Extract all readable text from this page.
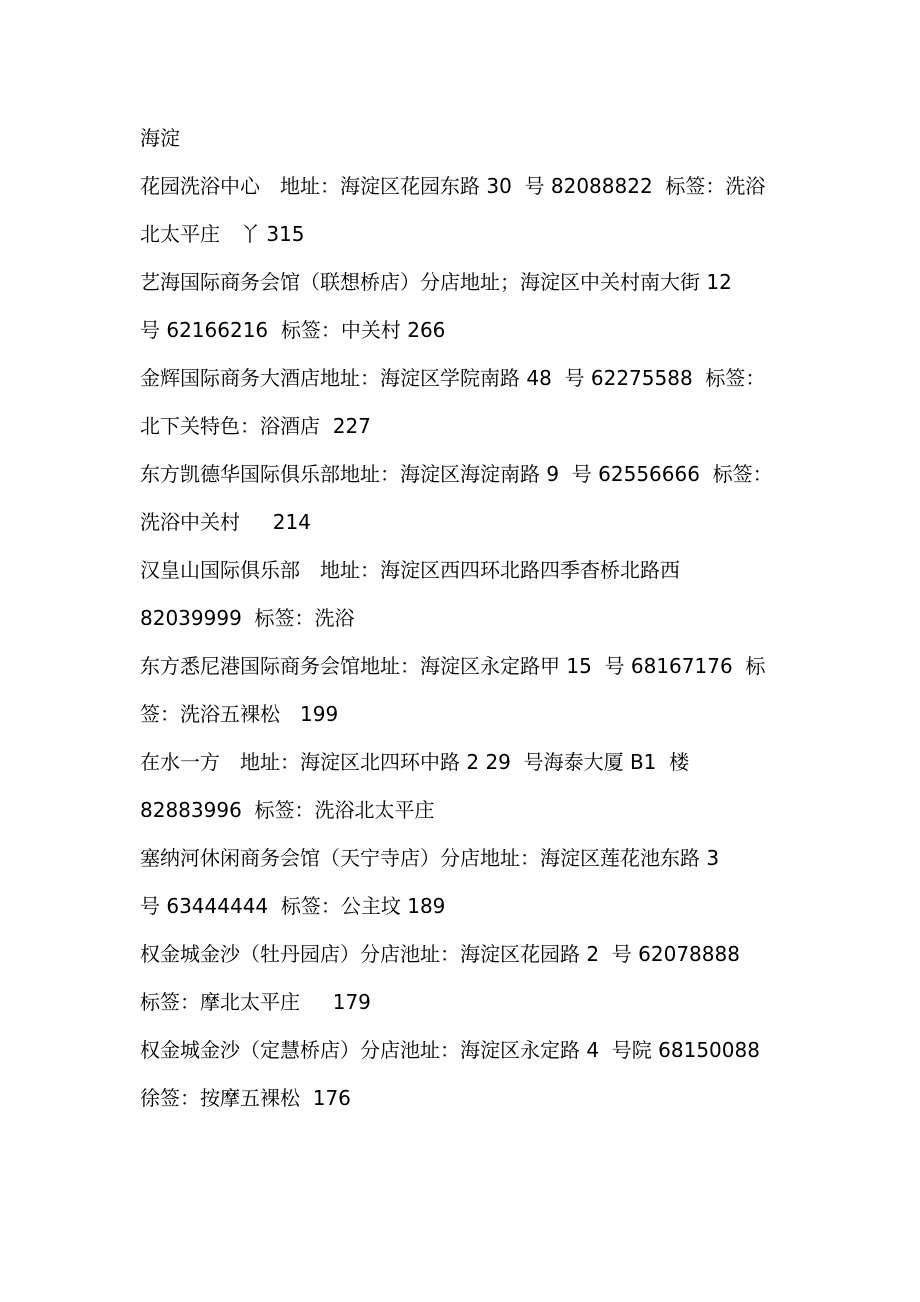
海淀
花园洗浴中心　地址：海淀区花园东路 30  号 82088822  标签：洗浴
北太平庄　丫 315
艺海国际商务会馆（联想桥店）分店地址；海淀区中关村南大街 12
号 62166216  标签：中关村 266
金辉国际商务大酒店地址：海淀区学院南路 48  号 62275588  标签：
北下关特色：浴酒店  227
东方凯德华国际俱乐部地址：海淀区海淀南路 9  号 62556666  标签：
洗浴中关村　  214
汉皇山国际俱乐部　地址：海淀区西四环北路四季杳桥北路西
82039999  标签：洗浴
东方悉尼港国际商务会馆地址：海淀区永定路甲 15  号 68167176  标
签：洗浴五裸松　199
在水一方　地址：海淀区北四环中路 2 29  号海泰大厦 B1  楼
82883996  标签：洗浴北太平庄
塞纳河休闲商务会馆（天宁寺店）分店地址：海淀区莲花池东路 3
号 63444444  标签：公主坟 189
权金城金沙（牡丹园店）分店池址：海淀区花园路 2  号 62078888
标签：摩北太平庄　  179
权金城金沙（定慧桥店）分店池址：海淀区永定路 4  号院 68150088
徐签：按摩五裸松  176
